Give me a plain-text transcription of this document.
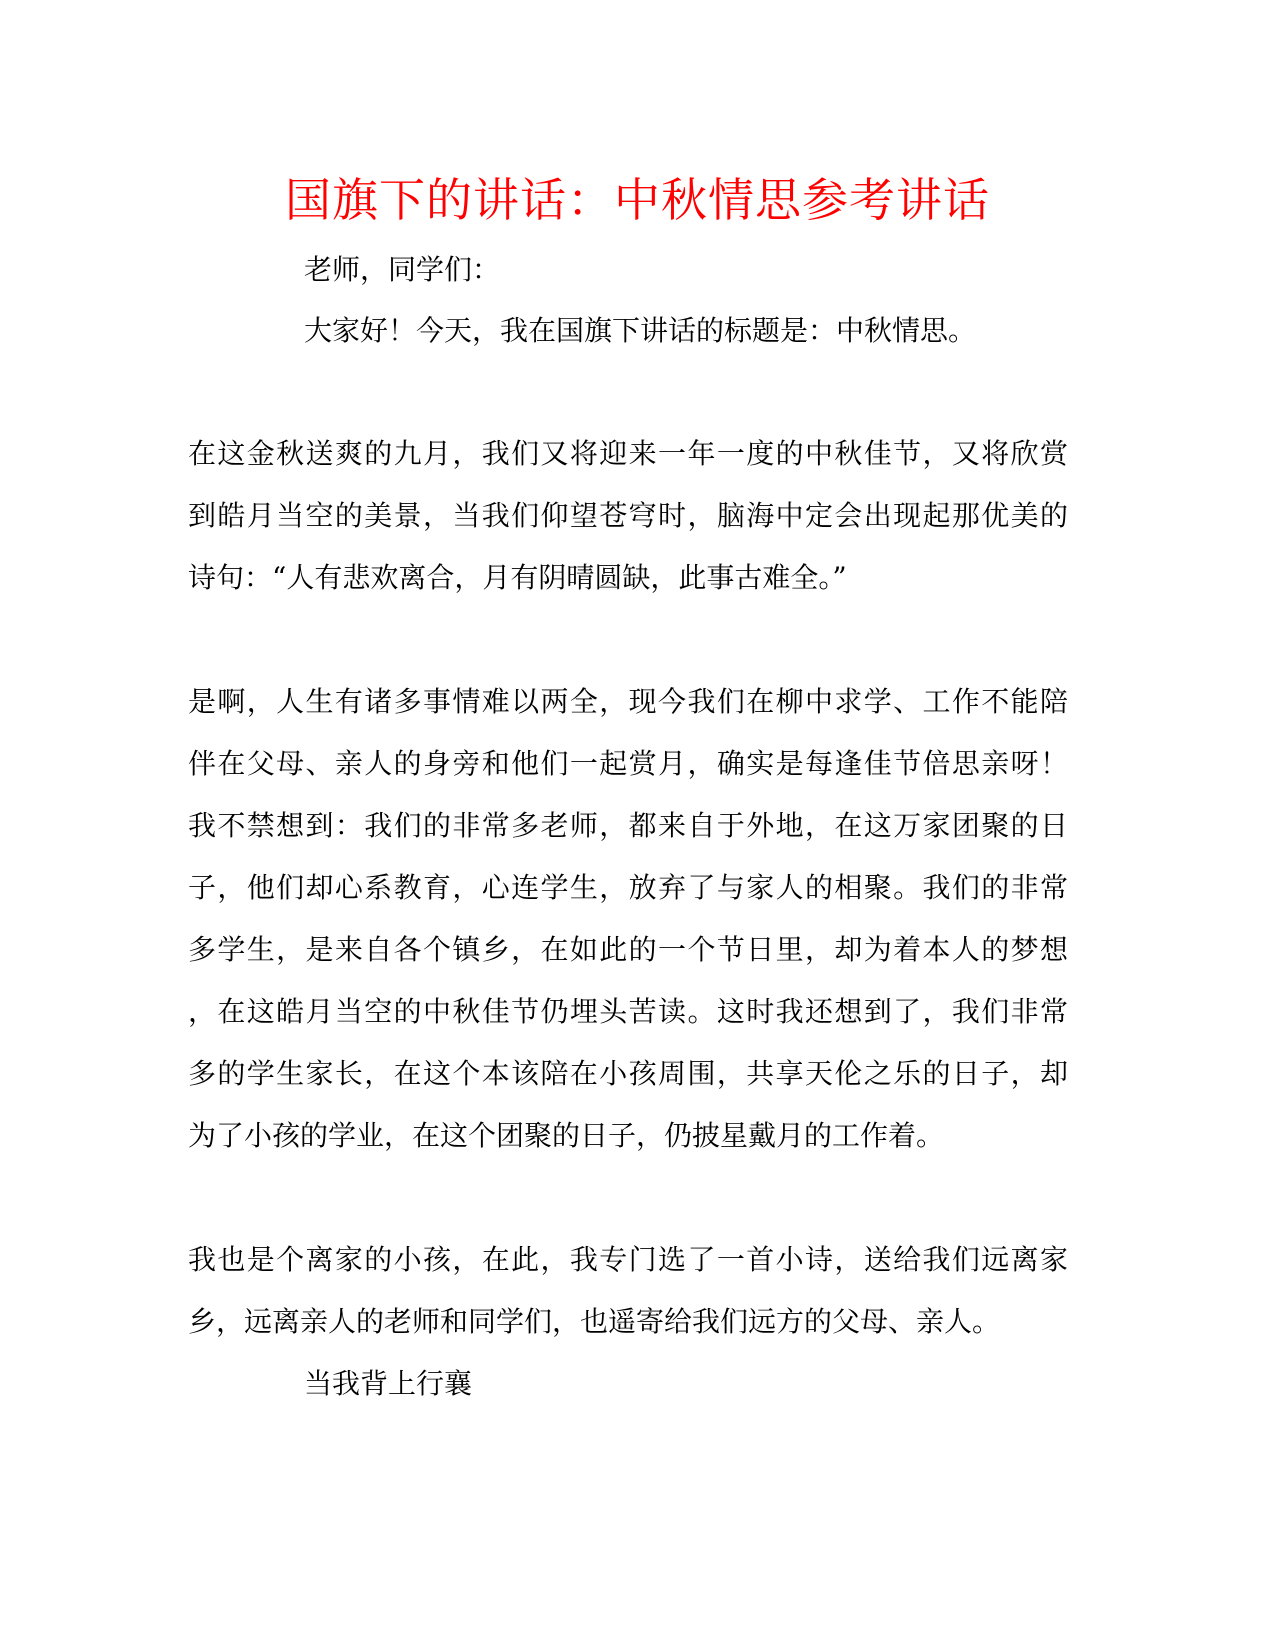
国旗下的讲话：中秋情思参考讲话
老师，同学们：
大家好！今天，我在国旗下讲话的标题是：中秋情思。
在这金秋送爽的九月，我们又将迎来一年一度的中秋佳节，又将欣赏
到皓月当空的美景，当我们仰望苍穹时，脑海中定会出现起那优美的
诗句：“人有悲欢离合，月有阴晴圆缺，此事古难全。”
是啊，人生有诸多事情难以两全，现今我们在柳中求学、工作不能陪
伴在父母、亲人的身旁和他们一起赏月，确实是每逢佳节倍思亲呀！
我不禁想到：我们的非常多老师，都来自于外地，在这万家团聚的日
子，他们却心系教育，心连学生，放弃了与家人的相聚。我们的非常
多学生，是来自各个镇乡，在如此的一个节日里，却为着本人的梦想
，在这皓月当空的中秋佳节仍埋头苦读。这时我还想到了，我们非常
多的学生家长，在这个本该陪在小孩周围，共享天伦之乐的日子，却
为了小孩的学业，在这个团聚的日子，仍披星戴月的工作着。
我也是个离家的小孩，在此，我专门选了一首小诗，送给我们远离家
乡，远离亲人的老师和同学们，也遥寄给我们远方的父母、亲人。
当我背上行襄
